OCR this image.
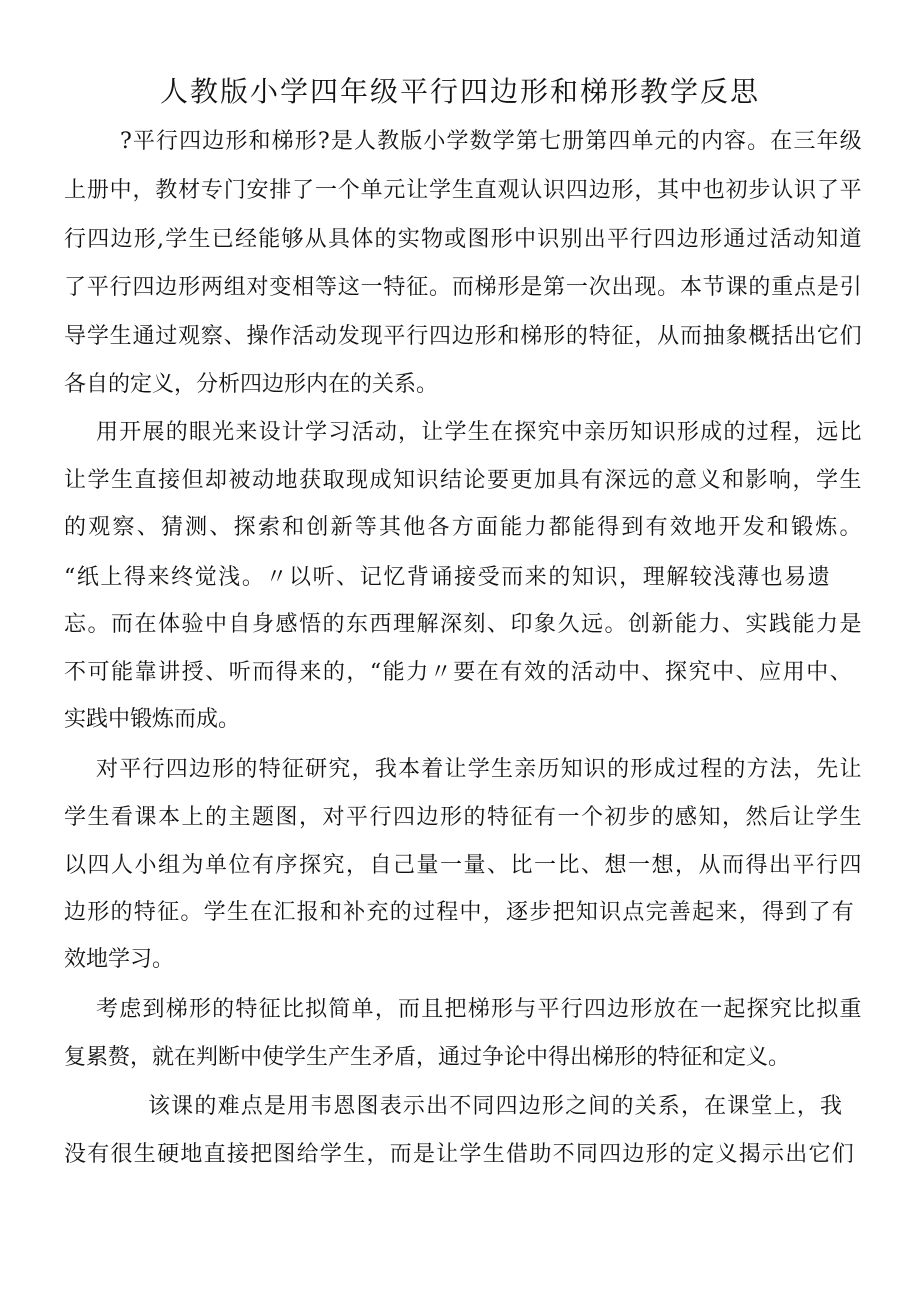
人教版小学四年级平行四边形和梯形教学反思
? 平 行 四 边 形 和 梯 形 ? 是 人 教 版 小 学 数 学 第 七 册 第 四 单 元 的 内 容 。 在 三 年 级
上 册 中 ， 教 材 专 门 安 排 了 一 个 单 元 让 学 生 直 观 认 识 四 边 形 ， 其 中 也 初 步 认 识 了 平
行 四 边 形 , 学 生 已 经 能 够 从 具 体 的 实 物 或 图 形 中 识 别 出 平 行 四 边 形 通 过 活 动 知 道
了 平 行 四 边 形 两 组 对 变 相 等 这 一 特 征 。 而 梯 形 是 第 一 次 出 现 。 本 节 课 的 重 点 是 引
导 学 生 通 过 观 察 、 操 作 活 动 发 现 平 行 四 边 形 和 梯 形 的 特 征 ， 从 而 抽 象 概 括 出 它 们
各自的定义，分析四边形内在的关系。
用 开 展 的 眼 光 来 设 计 学 习 活 动 ， 让 学 生 在 探 究 中 亲 历 知 识 形 成 的 过 程 ， 远 比
让 学 生 直 接 但 却 被 动 地 获 取 现 成 知 识 结 论 要 更 加 具 有 深 远 的 意 义 和 影 响 ， 学 生
的 观 察 、 猜 测 、 探 索 和 创 新 等 其 他 各 方 面 能 力 都 能 得 到 有 效 地 开 发 和 锻 炼 。
“ 纸 上 得 来 终 觉 浅 。 〃 以 听 、 记 忆 背 诵 接 受 而 来 的 知 识 ， 理 解 较 浅 薄 也 易 遗
忘 。 而 在 体 验 中 自 身 感 悟 的 东 西 理 解 深 刻 、 印 象 久 远 。 创 新 能 力 、 实 践 能 力 是
不 可 能 靠 讲 授 、 听 而 得 来 的 ， “ 能 力 〃 要 在 有 效 的 活 动 中 、 探 究 中 、 应 用 中 、
实践中锻炼而成。
对 平 行 四 边 形 的 特 征 研 究 ， 我 本 着 让 学 生 亲 历 知 识 的 形 成 过 程 的 方 法 ， 先 让
学 生 看 课 本 上 的 主 题 图 ， 对 平 行 四 边 形 的 特 征 有 一 个 初 步 的 感 知 ， 然 后 让 学 生
以 四 人 小 组 为 单 位 有 序 探 究 ， 自 己 量 一 量 、 比 一 比 、 想 一 想 ， 从 而 得 出 平 行 四
边 形 的 特 征 。 学 生 在 汇 报 和 补 充 的 过 程 中 ， 逐 步 把 知 识 点 完 善 起 来 ， 得 到 了 有
效地学习。
考 虑 到 梯 形 的 特 征 比 拟 简 单 ， 而 且 把 梯 形 与 平 行 四 边 形 放 在 一 起 探 究 比 拟 重
复累赘，就在判断中使学生产生矛盾，通过争论中得出梯形的特征和定义。
该 课 的 难 点 是 用 韦 恩 图 表 示 出 不 同 四 边 形 之 间 的 关 系 ， 在 课 堂 上 ， 我
没 有 很 生 硬 地 直 接 把 图 给 学 生 ， 而 是 让 学 生 借 助 不 同 四 边 形 的 定 义 揭 示 出 它 们
